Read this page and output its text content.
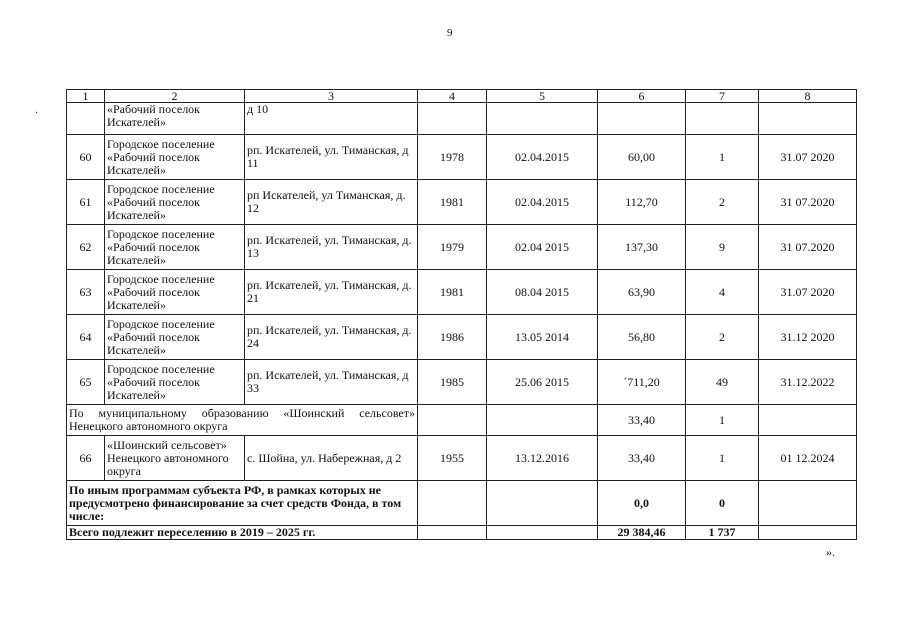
9
·
1	2	3	4	5	6	7	8
	«Рабочий поселок Искателей»	д 10					
60	Городское поселение «Рабочий поселок Искателей»	рп. Искателей, ул. Тиманская, д 11	1978	02.04.2015	60,00	1	31.07 2020
61	Городское поселение «Рабочий поселок Искателей»	рп Искателей, ул Тиманская, д. 12	1981	02.04.2015	112,70	2	31 07.2020
62	Городское поселение «Рабочий поселок Искателей»	рп. Искателей, ул. Тиманская, д. 13	1979	02.04 2015	137,30	9	31 07.2020
63	Городское поселение «Рабочий поселок Искателей»	рп. Искателей, ул. Тиманская, д. 21	1981	08.04 2015	63,90	4	31.07 2020
64	Городское поселение «Рабочий поселок Искателей»	рп. Искателей, ул. Тиманская, д. 24	1986	13.05 2014	56,80	2	31.12 2020
65	Городское поселение «Рабочий поселок Искателей»	рп. Искателей, ул. Тиманская, д 33	1985	25.06 2015	´711,20	49	31.12.2022
По муниципальному образованию «Шоинский сельсовет» Ненецкого автономного округа					33,40	1	
66	«Шоинский сельсовет» Ненецкого автономного округа	с. Шойна, ул. Набережная, д 2	1955	13.12.2016	33,40	1	01 12.2024
По иным программам субъекта РФ, в рамках которых не предусмотрено финансирование за счет средств Фонда, в том числе:					0,0	0	
Всего подлежит переселению в 2019 – 2025 гг.					29 384,46	1 737	
».
